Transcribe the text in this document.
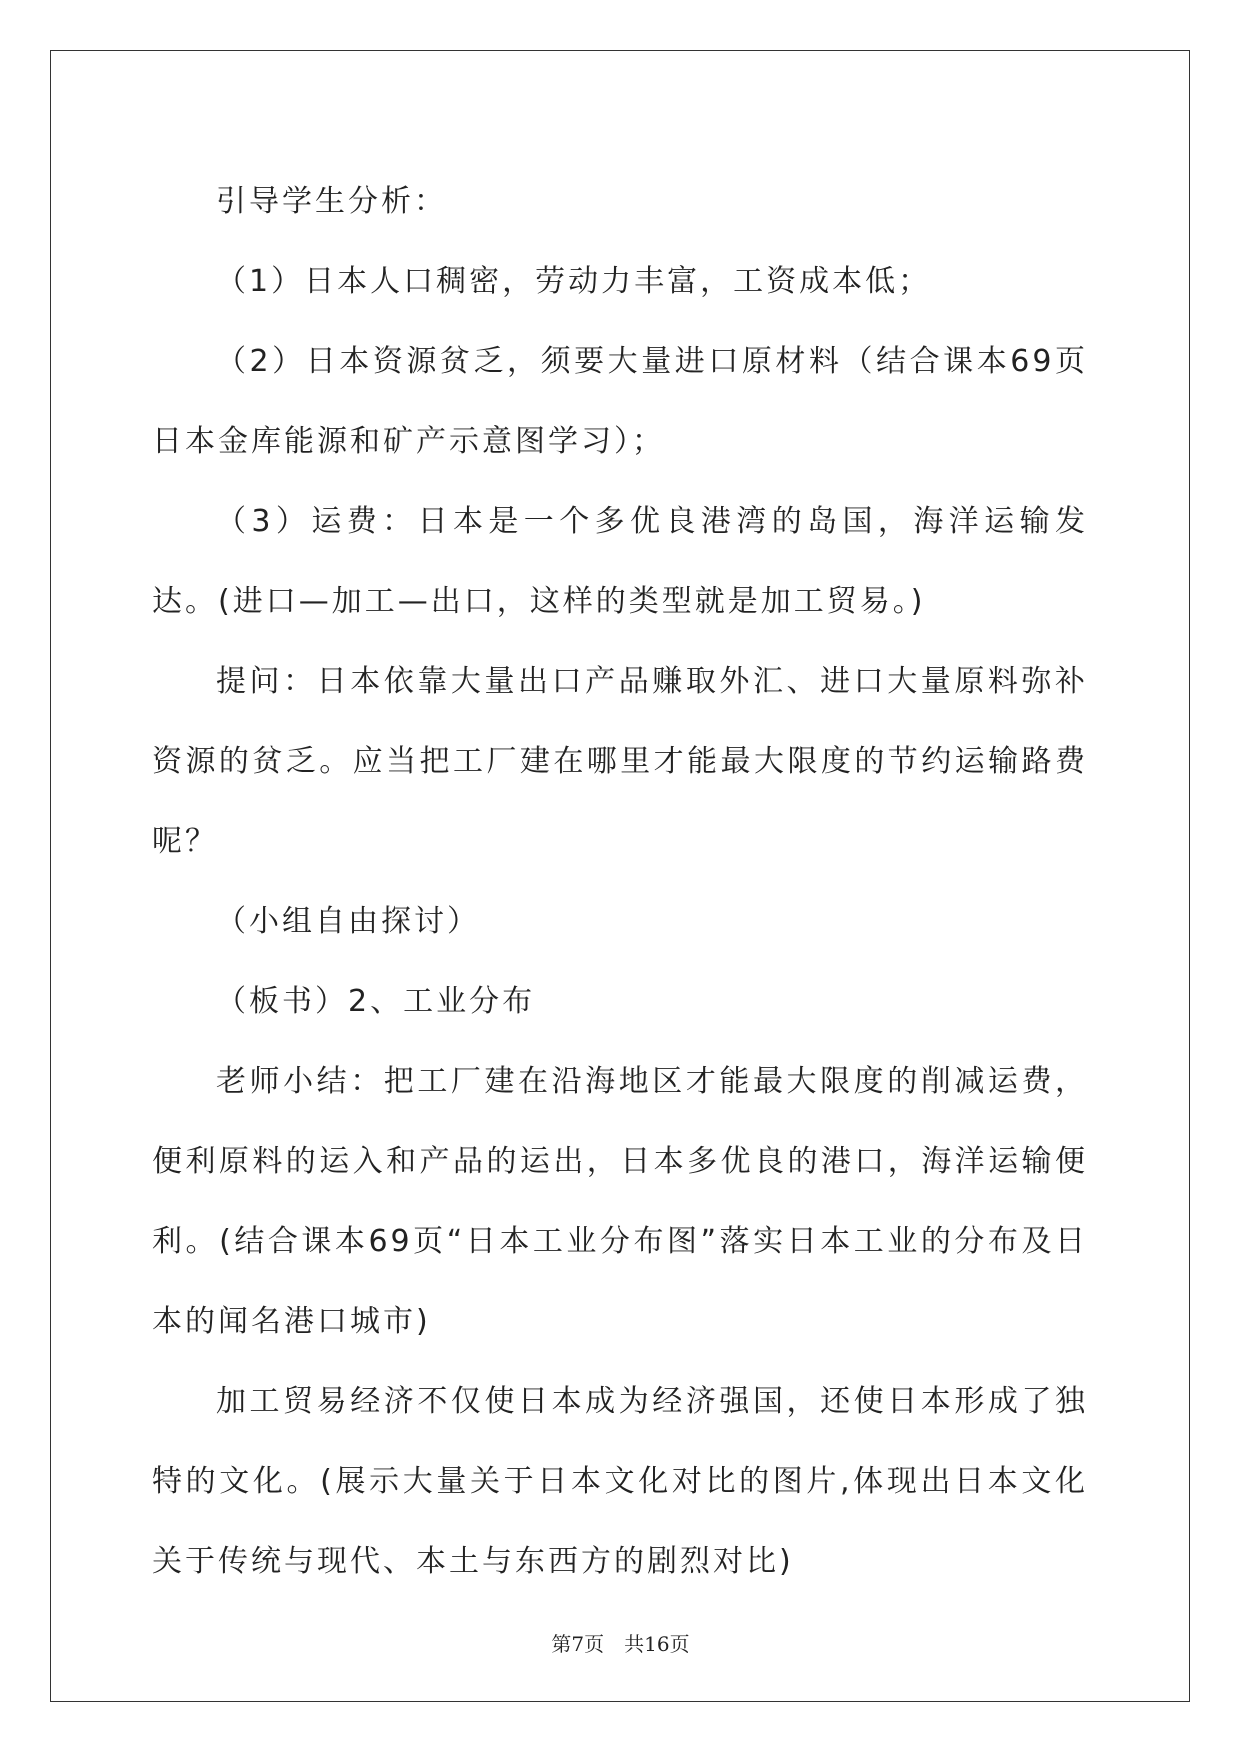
引导学生分析：

（1）日本人口稠密，劳动力丰富，工资成本低；

（2）日本资源贫乏，须要大量进口原材料（结合课本69页日本金库能源和矿产示意图学习）；

（3）运费：日本是一个多优良港湾的岛国，海洋运输发达。(进口—加工—出口，这样的类型就是加工贸易。)

提问：日本依靠大量出口产品赚取外汇、进口大量原料弥补资源的贫乏。应当把工厂建在哪里才能最大限度的节约运输路费呢？

（小组自由探讨）

（板书）2、工业分布

老师小结：把工厂建在沿海地区才能最大限度的削减运费，便利原料的运入和产品的运出，日本多优良的港口，海洋运输便利。(结合课本69页“日本工业分布图”落实日本工业的分布及日本的闻名港口城市)

加工贸易经济不仅使日本成为经济强国，还使日本形成了独特的文化。(展示大量关于日本文化对比的图片,体现出日本文化关于传统与现代、本土与东西方的剧烈对比)

第7页　共16页
